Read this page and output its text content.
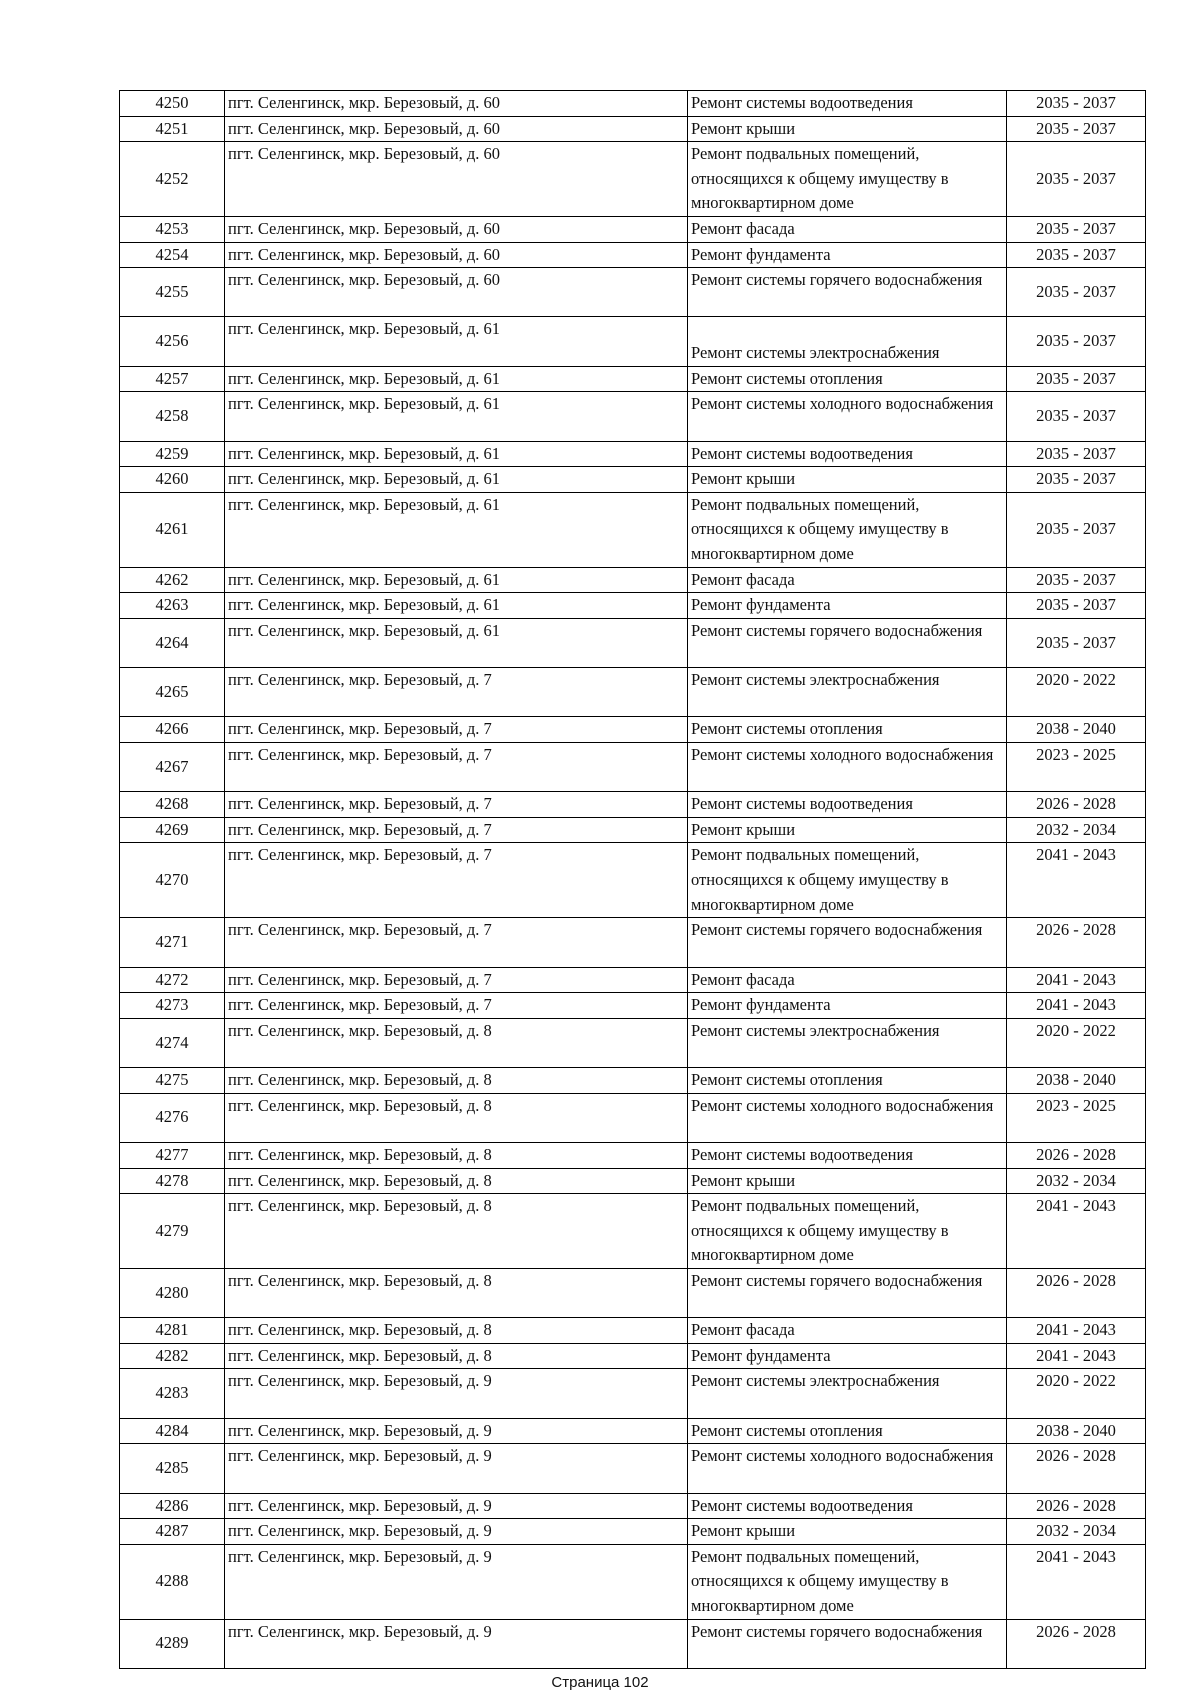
4250	пгт. Селенгинск, мкр. Березовый, д. 60	Ремонт системы водоотведения	2035 - 2037
4251	пгт. Селенгинск, мкр. Березовый, д. 60	Ремонт крыши	2035 - 2037
4252	пгт. Селенгинск, мкр. Березовый, д. 60	Ремонт подвальных помещений, относящихся к общему имуществу в многоквартирном доме	2035 - 2037
4253	пгт. Селенгинск, мкр. Березовый, д. 60	Ремонт фасада	2035 - 2037
4254	пгт. Селенгинск, мкр. Березовый, д. 60	Ремонт фундамента	2035 - 2037
4255	пгт. Селенгинск, мкр. Березовый, д. 60	Ремонт системы горячего водоснабжения	2035 - 2037
4256	пгт. Селенгинск, мкр. Березовый, д. 61	Ремонт системы электроснабжения	2035 - 2037
4257	пгт. Селенгинск, мкр. Березовый, д. 61	Ремонт системы отопления	2035 - 2037
4258	пгт. Селенгинск, мкр. Березовый, д. 61	Ремонт системы холодного водоснабжения	2035 - 2037
4259	пгт. Селенгинск, мкр. Березовый, д. 61	Ремонт системы водоотведения	2035 - 2037
4260	пгт. Селенгинск, мкр. Березовый, д. 61	Ремонт крыши	2035 - 2037
4261	пгт. Селенгинск, мкр. Березовый, д. 61	Ремонт подвальных помещений, относящихся к общему имуществу в многоквартирном доме	2035 - 2037
4262	пгт. Селенгинск, мкр. Березовый, д. 61	Ремонт фасада	2035 - 2037
4263	пгт. Селенгинск, мкр. Березовый, д. 61	Ремонт фундамента	2035 - 2037
4264	пгт. Селенгинск, мкр. Березовый, д. 61	Ремонт системы горячего водоснабжения	2035 - 2037
4265	пгт. Селенгинск, мкр. Березовый, д. 7	Ремонт системы электроснабжения	2020 - 2022
4266	пгт. Селенгинск, мкр. Березовый, д. 7	Ремонт системы отопления	2038 - 2040
4267	пгт. Селенгинск, мкр. Березовый, д. 7	Ремонт системы холодного водоснабжения	2023 - 2025
4268	пгт. Селенгинск, мкр. Березовый, д. 7	Ремонт системы водоотведения	2026 - 2028
4269	пгт. Селенгинск, мкр. Березовый, д. 7	Ремонт крыши	2032 - 2034
4270	пгт. Селенгинск, мкр. Березовый, д. 7	Ремонт подвальных помещений, относящихся к общему имуществу в многоквартирном доме	2041 - 2043
4271	пгт. Селенгинск, мкр. Березовый, д. 7	Ремонт системы горячего водоснабжения	2026 - 2028
4272	пгт. Селенгинск, мкр. Березовый, д. 7	Ремонт фасада	2041 - 2043
4273	пгт. Селенгинск, мкр. Березовый, д. 7	Ремонт фундамента	2041 - 2043
4274	пгт. Селенгинск, мкр. Березовый, д. 8	Ремонт системы электроснабжения	2020 - 2022
4275	пгт. Селенгинск, мкр. Березовый, д. 8	Ремонт системы отопления	2038 - 2040
4276	пгт. Селенгинск, мкр. Березовый, д. 8	Ремонт системы холодного водоснабжения	2023 - 2025
4277	пгт. Селенгинск, мкр. Березовый, д. 8	Ремонт системы водоотведения	2026 - 2028
4278	пгт. Селенгинск, мкр. Березовый, д. 8	Ремонт крыши	2032 - 2034
4279	пгт. Селенгинск, мкр. Березовый, д. 8	Ремонт подвальных помещений, относящихся к общему имуществу в многоквартирном доме	2041 - 2043
4280	пгт. Селенгинск, мкр. Березовый, д. 8	Ремонт системы горячего водоснабжения	2026 - 2028
4281	пгт. Селенгинск, мкр. Березовый, д. 8	Ремонт фасада	2041 - 2043
4282	пгт. Селенгинск, мкр. Березовый, д. 8	Ремонт фундамента	2041 - 2043
4283	пгт. Селенгинск, мкр. Березовый, д. 9	Ремонт системы электроснабжения	2020 - 2022
4284	пгт. Селенгинск, мкр. Березовый, д. 9	Ремонт системы отопления	2038 - 2040
4285	пгт. Селенгинск, мкр. Березовый, д. 9	Ремонт системы холодного водоснабжения	2026 - 2028
4286	пгт. Селенгинск, мкр. Березовый, д. 9	Ремонт системы водоотведения	2026 - 2028
4287	пгт. Селенгинск, мкр. Березовый, д. 9	Ремонт крыши	2032 - 2034
4288	пгт. Селенгинск, мкр. Березовый, д. 9	Ремонт подвальных помещений, относящихся к общему имуществу в многоквартирном доме	2041 - 2043
4289	пгт. Селенгинск, мкр. Березовый, д. 9	Ремонт системы горячего водоснабжения	2026 - 2028
Страница 102
